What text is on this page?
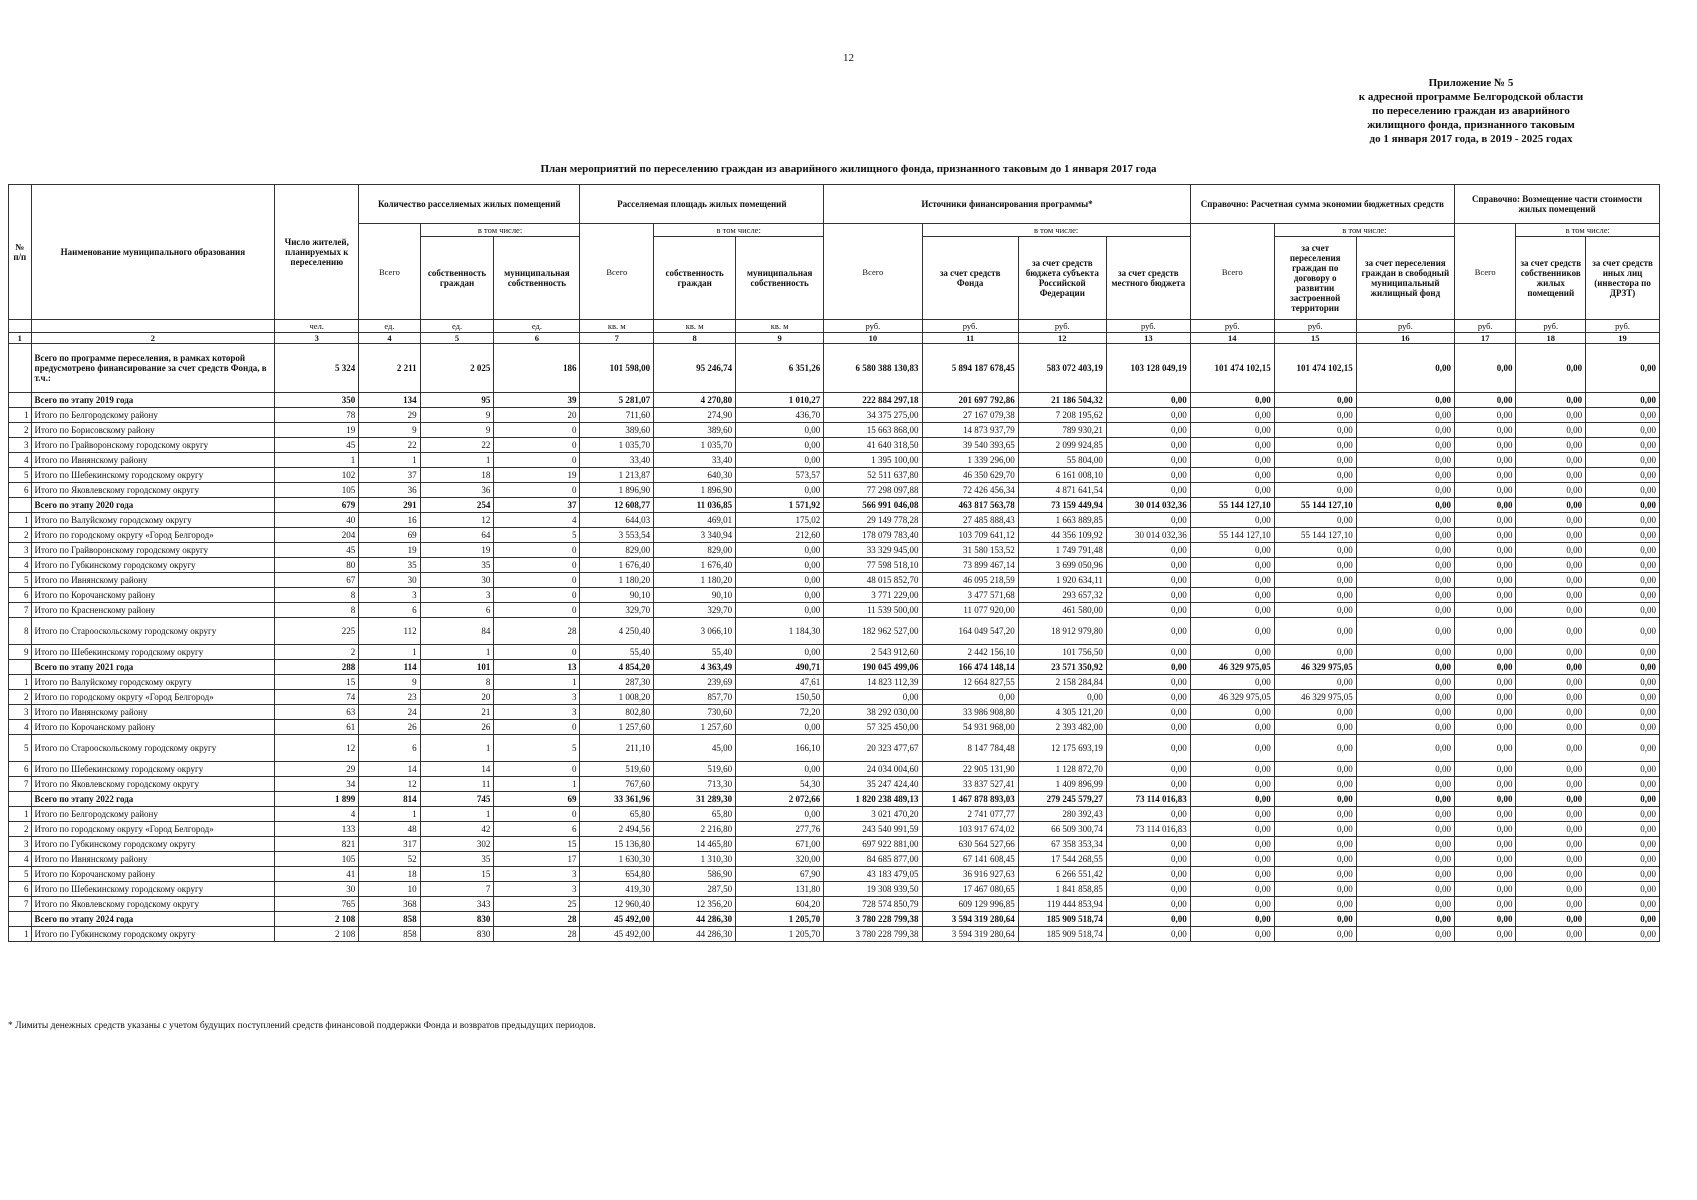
12
Приложение № 5
к адресной программе Белгородской области
по переселению граждан из аварийного
жилищного фонда, признанного таковым
до 1 января 2017 года, в 2019 - 2025 годах
План мероприятий по переселению граждан из аварийного жилищного фонда, признанного таковым до 1 января 2017 года
№ п/п	Наименование муниципального образования	Число жителей, планируемых к переселению	Количество расселяемых жилых помещений			Расселяемая площадь жилых помещений			Источники финансирования программы*				Справочно: Расчетная сумма экономии бюджетных средств			Справочно: Возмещение части стоимости жилых помещений		
			Всего	в том числе:		Всего	в том числе:		Всего	в том числе:			Всего	в том числе:		Всего	в том числе:	
				собственность граждан	муниципальная собственность		собственность граждан	муниципальная собственность		за счет средств Фонда	за счет средств бюджета субъекта Российской Федерации	за счет средств местного бюджета		за счет переселения граждан по договору о развитии застроенной территории	за счет переселения граждан в свободный муниципальный жилищный фонд		за счет средств собственников жилых помещений	за счет средств иных лиц (инвестора по ДРЗТ)
		чел.	ед.	ед.	ед.	кв. м	кв. м	кв. м	руб.	руб.	руб.	руб.	руб.	руб.	руб.	руб.	руб.	руб.
1	2	3	4	5	6	7	8	9	10	11	12	13	14	15	16	17	18	19
	Всего по программе переселения, в рамках которой предусмотрено финансирование за счет средств Фонда, в т.ч.:	5 324	2 211	2 025	186	101 598,00	95 246,74	6 351,26	6 580 388 130,83	5 894 187 678,45	583 072 403,19	103 128 049,19	101 474 102,15	101 474 102,15	0,00	0,00	0,00	0,00
	Всего по этапу 2019 года	350	134	95	39	5 281,07	4 270,80	1 010,27	222 884 297,18	201 697 792,86	21 186 504,32	0,00	0,00	0,00	0,00	0,00	0,00	0,00
1	Итого по Белгородскому району	78	29	9	20	711,60	274,90	436,70	34 375 275,00	27 167 079,38	7 208 195,62	0,00	0,00	0,00	0,00	0,00	0,00	0,00
2	Итого по Борисовскому району	19	9	9	0	389,60	389,60	0,00	15 663 868,00	14 873 937,79	789 930,21	0,00	0,00	0,00	0,00	0,00	0,00	0,00
3	Итого по Грайворонскому городскому округу	45	22	22	0	1 035,70	1 035,70	0,00	41 640 318,50	39 540 393,65	2 099 924,85	0,00	0,00	0,00	0,00	0,00	0,00	0,00
4	Итого по Ивнянскому району	1	1	1	0	33,40	33,40	0,00	1 395 100,00	1 339 296,00	55 804,00	0,00	0,00	0,00	0,00	0,00	0,00	0,00
5	Итого по Шебекинскому городскому округу	102	37	18	19	1 213,87	640,30	573,57	52 511 637,80	46 350 629,70	6 161 008,10	0,00	0,00	0,00	0,00	0,00	0,00	0,00
6	Итого по Яковлевскому городскому округу	105	36	36	0	1 896,90	1 896,90	0,00	77 298 097,88	72 426 456,34	4 871 641,54	0,00	0,00	0,00	0,00	0,00	0,00	0,00
	Всего по этапу 2020 года	679	291	254	37	12 608,77	11 036,85	1 571,92	566 991 046,08	463 817 563,78	73 159 449,94	30 014 032,36	55 144 127,10	55 144 127,10	0,00	0,00	0,00	0,00
1	Итого по Валуйскому городскому округу	40	16	12	4	644,03	469,01	175,02	29 149 778,28	27 485 888,43	1 663 889,85	0,00	0,00	0,00	0,00	0,00	0,00	0,00
2	Итого по городскому округу «Город Белгород»	204	69	64	5	3 553,54	3 340,94	212,60	178 079 783,40	103 709 641,12	44 356 109,92	30 014 032,36	55 144 127,10	55 144 127,10	0,00	0,00	0,00	0,00
3	Итого по Грайворонскому городскому округу	45	19	19	0	829,00	829,00	0,00	33 329 945,00	31 580 153,52	1 749 791,48	0,00	0,00	0,00	0,00	0,00	0,00	0,00
4	Итого по Губкинскому городскому округу	80	35	35	0	1 676,40	1 676,40	0,00	77 598 518,10	73 899 467,14	3 699 050,96	0,00	0,00	0,00	0,00	0,00	0,00	0,00
5	Итого по Ивнянскому району	67	30	30	0	1 180,20	1 180,20	0,00	48 015 852,70	46 095 218,59	1 920 634,11	0,00	0,00	0,00	0,00	0,00	0,00	0,00
6	Итого по Корочанскому району	8	3	3	0	90,10	90,10	0,00	3 771 229,00	3 477 571,68	293 657,32	0,00	0,00	0,00	0,00	0,00	0,00	0,00
7	Итого по Красненскому району	8	6	6	0	329,70	329,70	0,00	11 539 500,00	11 077 920,00	461 580,00	0,00	0,00	0,00	0,00	0,00	0,00	0,00
8	Итого по Старооскольскому городскому округу	225	112	84	28	4 250,40	3 066,10	1 184,30	182 962 527,00	164 049 547,20	18 912 979,80	0,00	0,00	0,00	0,00	0,00	0,00	0,00
9	Итого по Шебекинскому городскому округу	2	1	1	0	55,40	55,40	0,00	2 543 912,60	2 442 156,10	101 756,50	0,00	0,00	0,00	0,00	0,00	0,00	0,00
	Всего по этапу 2021 года	288	114	101	13	4 854,20	4 363,49	490,71	190 045 499,06	166 474 148,14	23 571 350,92	0,00	46 329 975,05	46 329 975,05	0,00	0,00	0,00	0,00
1	Итого по Валуйскому городскому округу	15	9	8	1	287,30	239,69	47,61	14 823 112,39	12 664 827,55	2 158 284,84	0,00	0,00	0,00	0,00	0,00	0,00	0,00
2	Итого по городскому округу «Город Белгород»	74	23	20	3	1 008,20	857,70	150,50	0,00	0,00	0,00	0,00	46 329 975,05	46 329 975,05	0,00	0,00	0,00	0,00
3	Итого по Ивнянскому району	63	24	21	3	802,80	730,60	72,20	38 292 030,00	33 986 908,80	4 305 121,20	0,00	0,00	0,00	0,00	0,00	0,00	0,00
4	Итого по Корочанскому району	61	26	26	0	1 257,60	1 257,60	0,00	57 325 450,00	54 931 968,00	2 393 482,00	0,00	0,00	0,00	0,00	0,00	0,00	0,00
5	Итого по Старооскольскому городскому округу	12	6	1	5	211,10	45,00	166,10	20 323 477,67	8 147 784,48	12 175 693,19	0,00	0,00	0,00	0,00	0,00	0,00	0,00
6	Итого по Шебекинскому городскому округу	29	14	14	0	519,60	519,60	0,00	24 034 004,60	22 905 131,90	1 128 872,70	0,00	0,00	0,00	0,00	0,00	0,00	0,00
7	Итого по Яковлевскому городскому округу	34	12	11	1	767,60	713,30	54,30	35 247 424,40	33 837 527,41	1 409 896,99	0,00	0,00	0,00	0,00	0,00	0,00	0,00
	Всего по этапу 2022 года	1 899	814	745	69	33 361,96	31 289,30	2 072,66	1 820 238 489,13	1 467 878 893,03	279 245 579,27	73 114 016,83	0,00	0,00	0,00	0,00	0,00	0,00
1	Итого по Белгородскому району	4	1	1	0	65,80	65,80	0,00	3 021 470,20	2 741 077,77	280 392,43	0,00	0,00	0,00	0,00	0,00	0,00	0,00
2	Итого по городскому округу «Город Белгород»	133	48	42	6	2 494,56	2 216,80	277,76	243 540 991,59	103 917 674,02	66 509 300,74	73 114 016,83	0,00	0,00	0,00	0,00	0,00	0,00
3	Итого по Губкинскому городскому округу	821	317	302	15	15 136,80	14 465,80	671,00	697 922 881,00	630 564 527,66	67 358 353,34	0,00	0,00	0,00	0,00	0,00	0,00	0,00
4	Итого по Ивнянскому району	105	52	35	17	1 630,30	1 310,30	320,00	84 685 877,00	67 141 608,45	17 544 268,55	0,00	0,00	0,00	0,00	0,00	0,00	0,00
5	Итого по Корочанскому району	41	18	15	3	654,80	586,90	67,90	43 183 479,05	36 916 927,63	6 266 551,42	0,00	0,00	0,00	0,00	0,00	0,00	0,00
6	Итого по Шебекинскому городскому округу	30	10	7	3	419,30	287,50	131,80	19 308 939,50	17 467 080,65	1 841 858,85	0,00	0,00	0,00	0,00	0,00	0,00	0,00
7	Итого по Яковлевскому городскому округу	765	368	343	25	12 960,40	12 356,20	604,20	728 574 850,79	609 129 996,85	119 444 853,94	0,00	0,00	0,00	0,00	0,00	0,00	0,00
	Всего по этапу 2024 года	2 108	858	830	28	45 492,00	44 286,30	1 205,70	3 780 228 799,38	3 594 319 280,64	185 909 518,74	0,00	0,00	0,00	0,00	0,00	0,00	0,00
1	Итого по Губкинскому городскому округу	2 108	858	830	28	45 492,00	44 286,30	1 205,70	3 780 228 799,38	3 594 319 280,64	185 909 518,74	0,00	0,00	0,00	0,00	0,00	0,00	0,00
* Лимиты денежных средств указаны с учетом будущих поступлений средств финансовой поддержки Фонда и возвратов предыдущих периодов.
